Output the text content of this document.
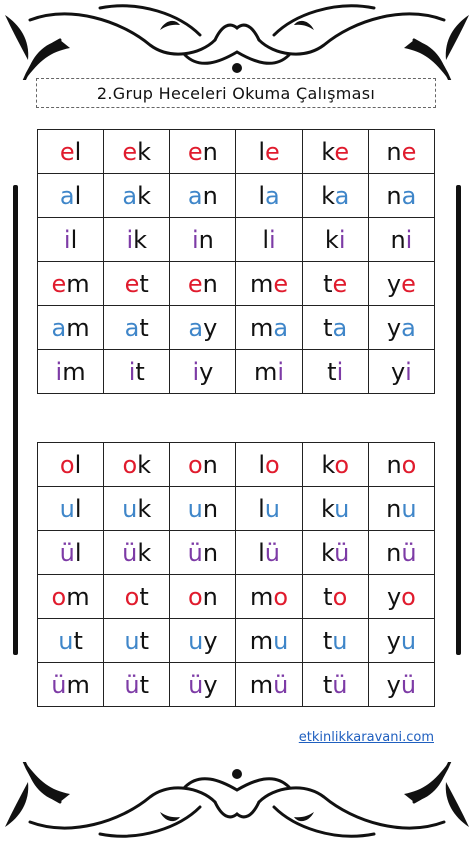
2.Grup Heceleri Okuma Çalışması
el	ek	en	le	ke	ne
al	ak	an	la	ka	na
il	ik	in	li	ki	ni
em	et	en	me	te	ye
am	at	ay	ma	ta	ya
im	it	iy	mi	ti	yi
ol	ok	on	lo	ko	no
ul	uk	un	lu	ku	nu
ül	ük	ün	lü	kü	nü
om	ot	on	mo	to	yo
ut	ut	uy	mu	tu	yu
üm	üt	üy	mü	tü	yü
etkinlikkaravani.com
